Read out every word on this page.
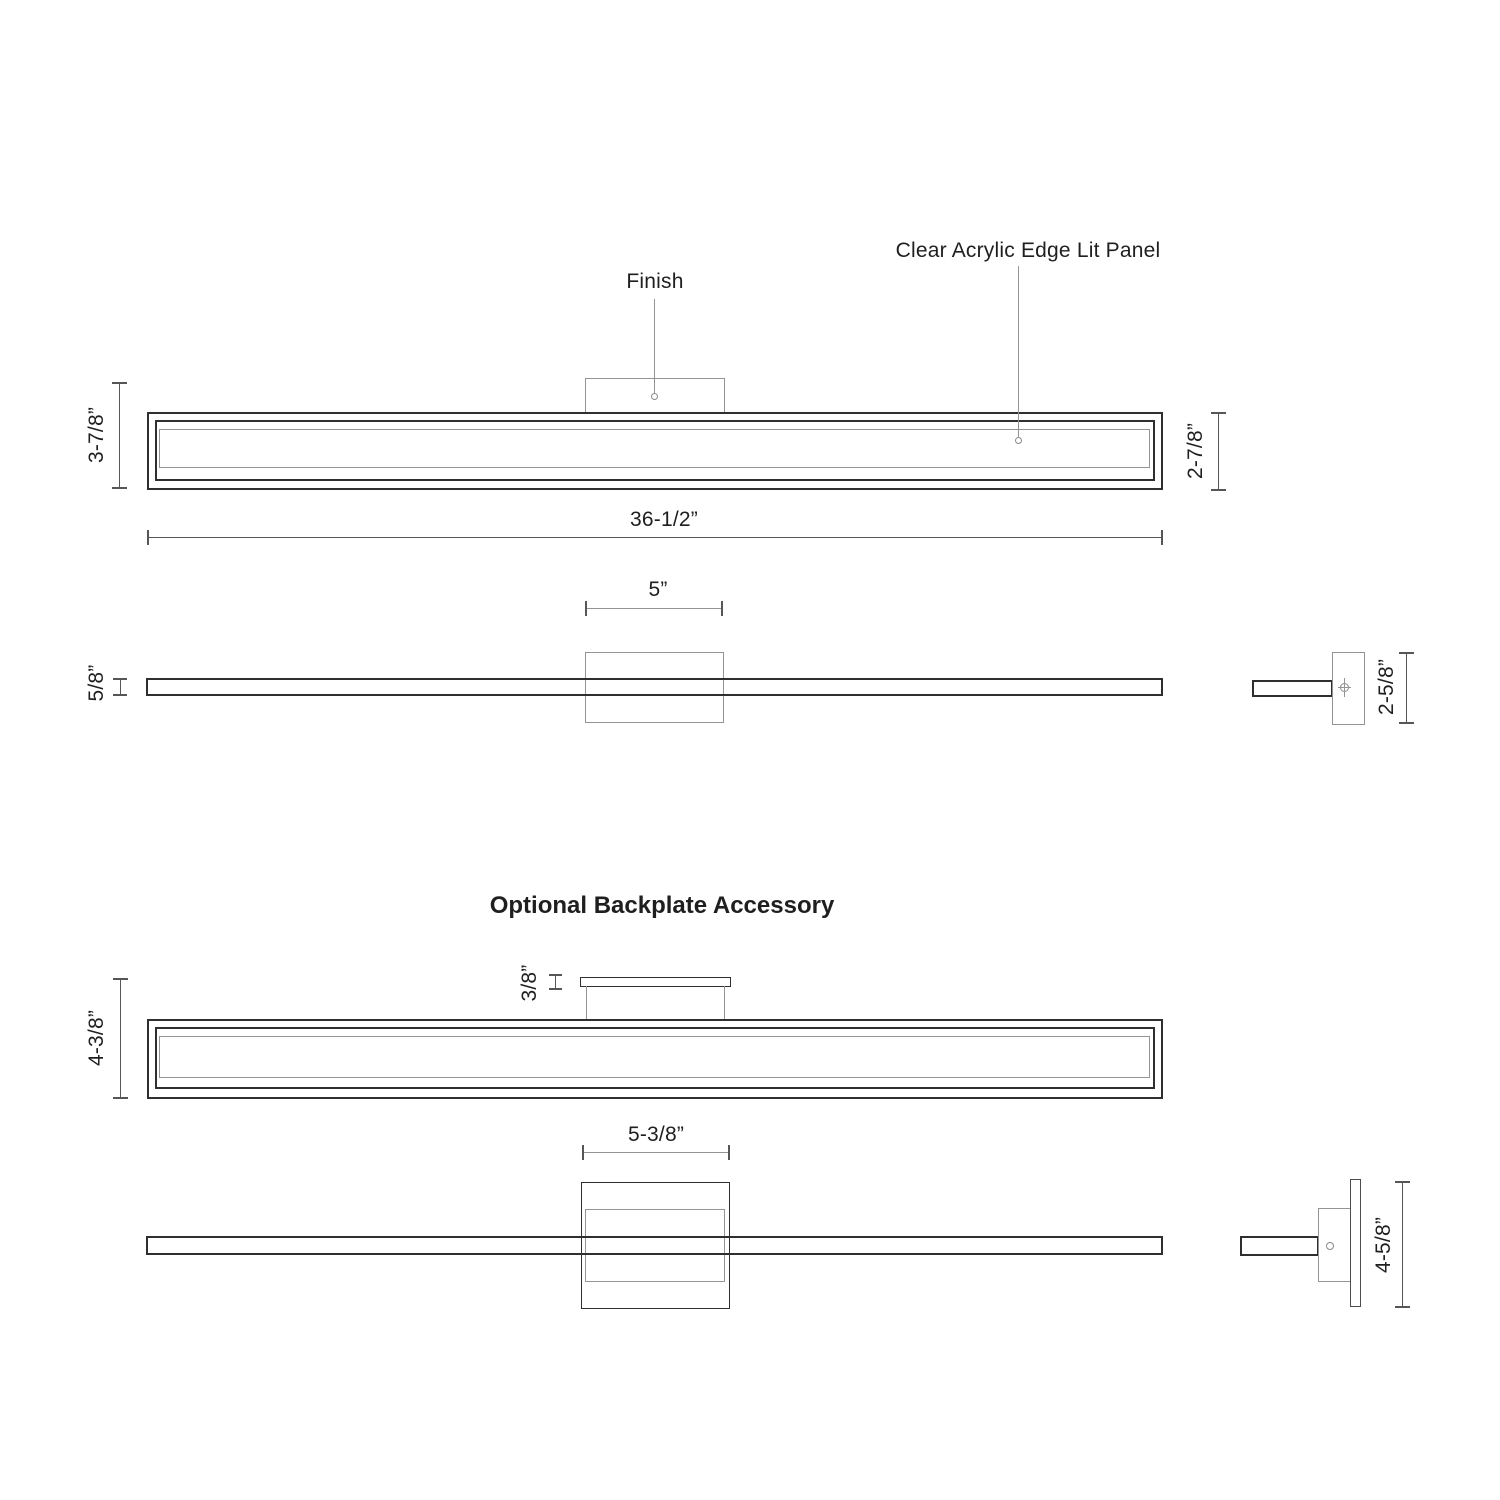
Finish
Clear Acrylic Edge Lit Panel
3-7/8”	2-7/8”
36-1/2”
5”
5/8”	2-5/8”
Optional Backplate Accessory
3/8”
4-3/8”
5-3/8”
4-5/8”
